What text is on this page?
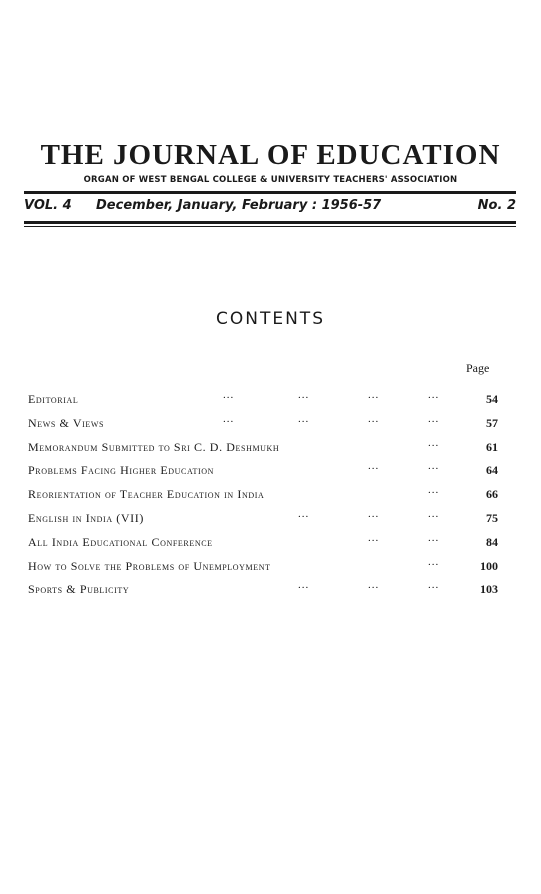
THE JOURNAL OF EDUCATION
ORGAN OF WEST BENGAL COLLEGE & UNIVERSITY TEACHERS' ASSOCIATION
VOL. 4 December, January, February : 1956-57	No. 2
CONTENTS
Page
Editorial	...	...	...	...	54
News & Views	...	...	...	...	57
Memorandum Submitted to Sri C. D. Deshmukh	...	61
Problems Facing Higher Education	...	...	64
Reorientation of Teacher Education in India	...	66
English in India (VII)	...	...	...	75
All India Educational Conference	...	...	84
How to Solve the Problems of Unemployment	...	100
Sports & Publicity	...	...	...	103
